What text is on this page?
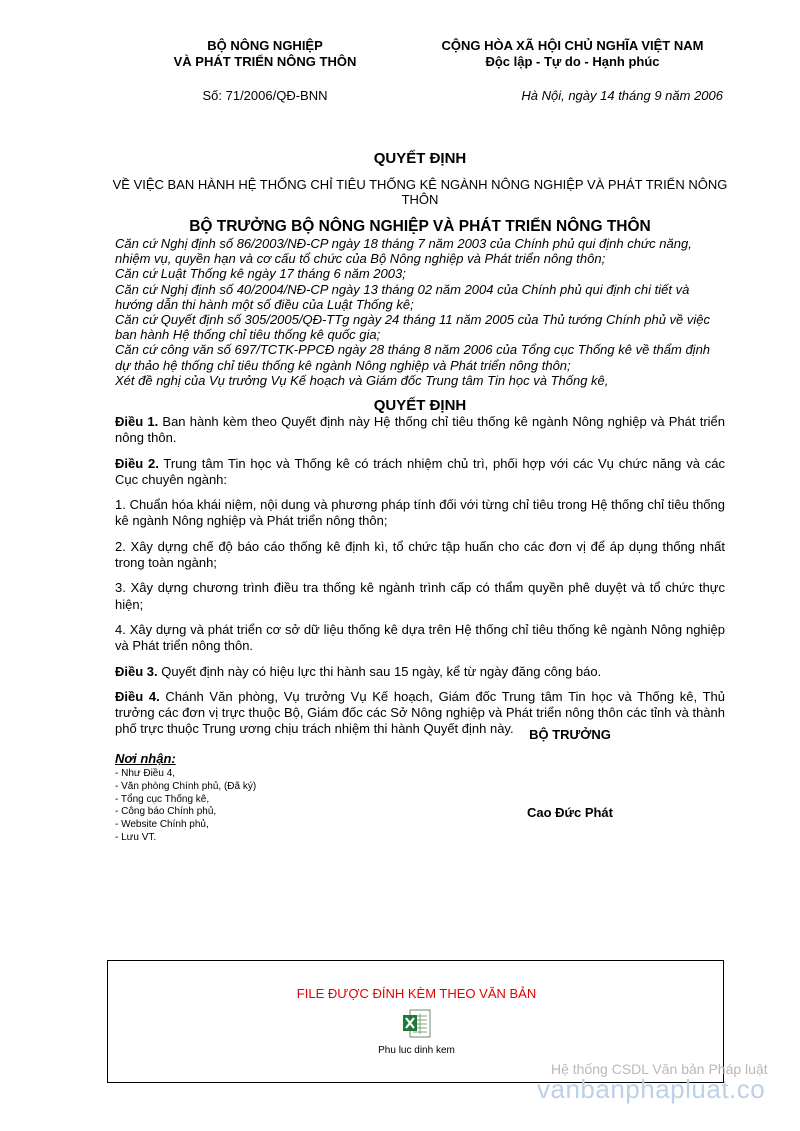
BỘ NÔNG NGHIỆP
VÀ PHÁT TRIỂN NÔNG THÔN
CỘNG HÒA XÃ HỘI CHỦ NGHĨA VIỆT NAM
Độc lập - Tự do - Hạnh phúc
Số: 71/2006/QĐ-BNN	Hà Nội, ngày 14 tháng 9 năm 2006
QUYẾT ĐỊNH
VỀ VIỆC BAN HÀNH HỆ THỐNG CHỈ TIÊU THỐNG KÊ NGÀNH NÔNG NGHIỆP VÀ PHÁT TRIỂN NÔNG THÔN
BỘ TRƯỞNG BỘ NÔNG NGHIỆP VÀ PHÁT TRIỂN NÔNG THÔN

Căn cứ Nghị định số 86/2003/NĐ-CP ngày 18 tháng 7 năm 2003 của Chính phủ qui định chức năng, nhiệm vụ, quyền hạn và cơ cấu tổ chức của Bộ Nông nghiệp và Phát triển nông thôn;

Căn cứ Luật Thống kê ngày 17 tháng 6 năm 2003;

Căn cứ Nghị định số 40/2004/NĐ-CP ngày 13 tháng 02 năm 2004 của Chính phủ qui định chi tiết và hướng dẫn thi hành một số điều của Luật Thống kê;

Căn cứ Quyết định số 305/2005/QĐ-TTg ngày 24 tháng 11 năm 2005 của Thủ tướng Chính phủ về việc ban hành Hệ thống chỉ tiêu thống kê quốc gia;

Căn cứ công văn số 697/TCTK-PPCĐ ngày 28 tháng 8 năm 2006 của Tổng cục Thống kê về thẩm định dự thảo hệ thống chỉ tiêu thống kê ngành Nông nghiệp và Phát triển nông thôn;

Xét đề nghị của Vụ trưởng Vụ Kế hoạch và Giám đốc Trung tâm Tin học và Thống kê,

QUYẾT ĐỊNH

Điều 1. Ban hành kèm theo Quyết định này Hệ thống chỉ tiêu thống kê ngành Nông nghiệp và Phát triển nông thôn.

Điều 2. Trung tâm Tin học và Thống kê có trách nhiệm chủ trì, phối hợp với các Vụ chức năng và các Cục chuyên ngành:

1. Chuẩn hóa khái niệm, nội dung và phương pháp tính đối với từng chỉ tiêu trong Hệ thống chỉ tiêu thống kê ngành Nông nghiệp và Phát triển nông thôn;

2. Xây dựng chế độ báo cáo thống kê định kì, tổ chức tập huấn cho các đơn vị để áp dụng thống nhất trong toàn ngành;

3. Xây dựng chương trình điều tra thống kê ngành trình cấp có thẩm quyền phê duyệt và tổ chức thực hiện;

4. Xây dựng và phát triển cơ sở dữ liệu thống kê dựa trên Hệ thống chỉ tiêu thống kê ngành Nông nghiệp và Phát triển nông thôn.

Điều 3. Quyết định này có hiệu lực thi hành sau 15 ngày, kể từ ngày đăng công báo.

Điều 4. Chánh Văn phòng, Vụ trưởng Vụ Kế hoạch, Giám đốc Trung tâm Tin học và Thống kê, Thủ trưởng các đơn vị trực thuộc Bộ, Giám đốc các Sở Nông nghiệp và Phát triển nông thôn các tỉnh và thành phố trực thuộc Trung ương chịu trách nhiệm thi hành Quyết định này.	BỘ TRƯỞNG
Cao Đức Phát
Nơi nhận:
- Như Điều 4,
- Văn phòng Chính phủ, (Đã ký)
- Tổng cục Thống kê,
- Công báo Chính phủ,
- Website Chính phủ,
- Lưu VT.
FILE ĐƯỢC ĐÍNH KÈM THEO VĂN BẢN
Phu luc dinh kem
Hệ thống CSDL Văn bản Pháp luật
vanbanphapluat.co
